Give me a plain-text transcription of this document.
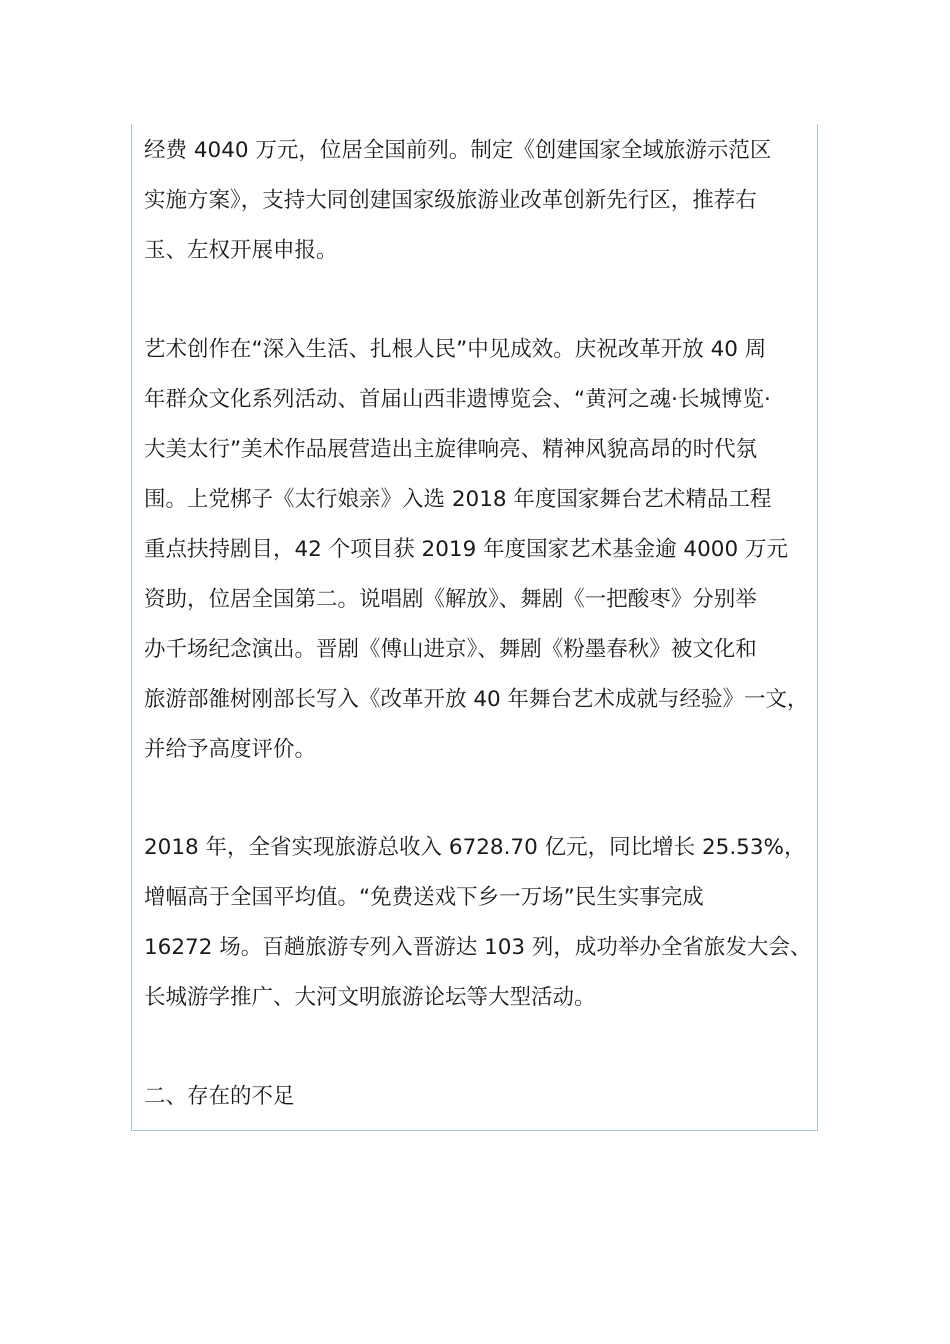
经费 4040 万元，位居全国前列。制定《创建国家全域旅游示范区
实施方案》，支持大同创建国家级旅游业改革创新先行区，推荐右
玉、左权开展申报。
艺术创作在“深入生活、扎根人民”中见成效。庆祝改革开放 40 周
年群众文化系列活动、首届山西非遗博览会、“黄河之魂·长城博览·
大美太行”美术作品展营造出主旋律响亮、精神风貌高昂的时代氛
围。上党梆子《太行娘亲》入选 2018 年度国家舞台艺术精品工程
重点扶持剧目，42 个项目获 2019 年度国家艺术基金逾 4000 万元
资助，位居全国第二。说唱剧《解放》、舞剧《一把酸枣》分别举
办千场纪念演出。晋剧《傅山进京》、舞剧《粉墨春秋》被文化和
旅游部雒树刚部长写入《改革开放 40 年舞台艺术成就与经验》一文，
并给予高度评价。
2018 年，全省实现旅游总收入 6728.70 亿元，同比增长 25.53%，
增幅高于全国平均值。“免费送戏下乡一万场”民生实事完成
16272 场。百趟旅游专列入晋游达 103 列，成功举办全省旅发大会、
长城游学推广、大河文明旅游论坛等大型活动。
二、存在的不足
